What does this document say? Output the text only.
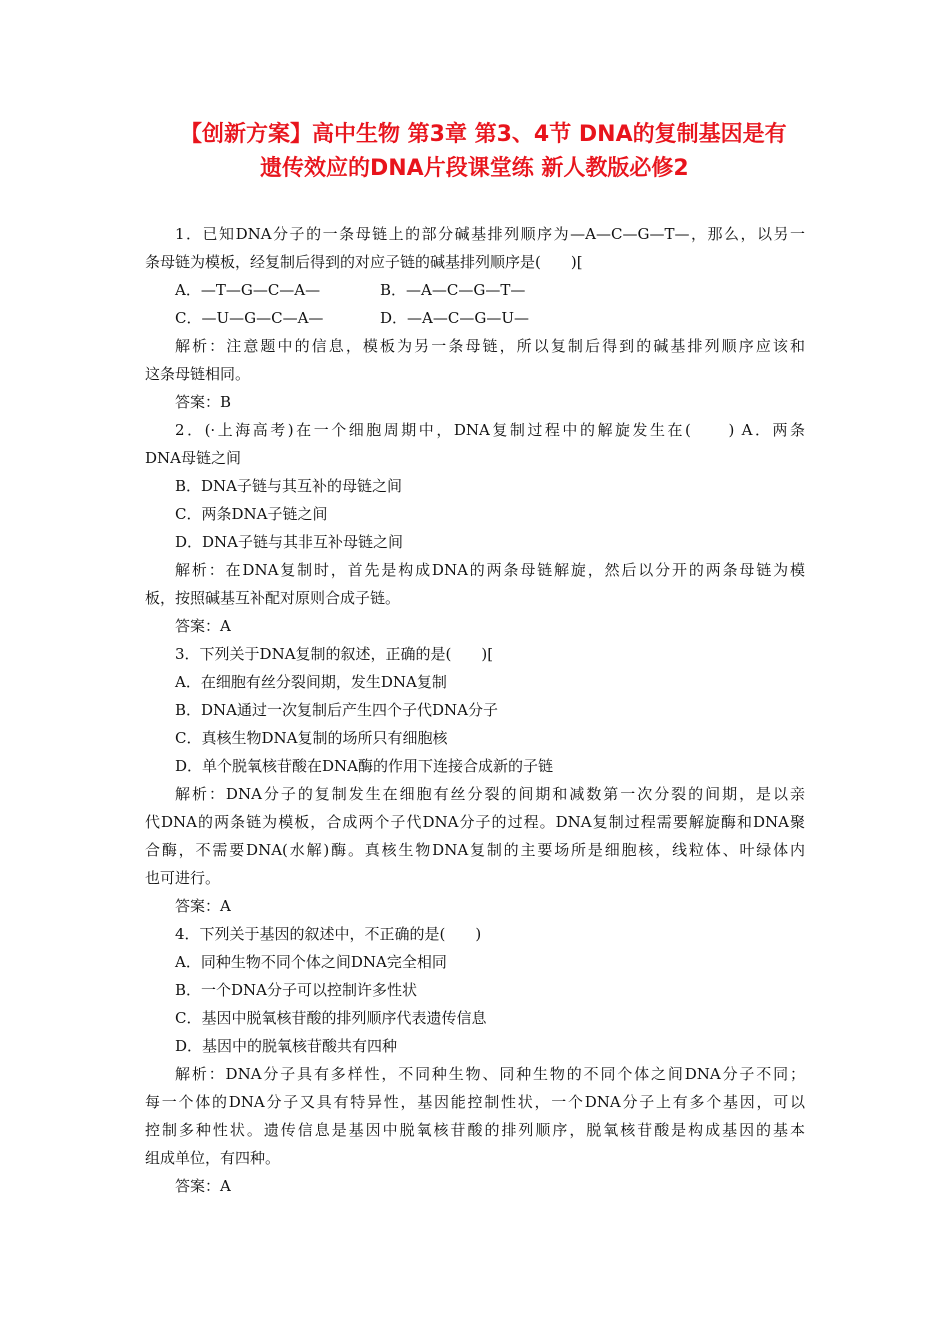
【创新方案】高中生物 第3章 第3、4节 DNA的复制基因是有
遗传效应的DNA片段课堂练 新人教版必修2
1．已知DNA分子的一条母链上的部分碱基排列顺序为—A—C—G—T—，那么，以另一
条母链为模板，经复制后得到的对应子链的碱基排列顺序是(　　)[
A．—T—G—C—A—	B．—A—C—G—T—
C．—U—G—C—A—	D．—A—C—G—U—
解析：注意题中的信息，模板为另一条母链，所以复制后得到的碱基排列顺序应该和
这条母链相同。
答案：B
2．(·上海高考)在一个细胞周期中，DNA复制过程中的解旋发生在(　　) A．两条
DNA母链之间
B．DNA子链与其互补的母链之间
C．两条DNA子链之间
D．DNA子链与其非互补母链之间
解析：在DNA复制时，首先是构成DNA的两条母链解旋，然后以分开的两条母链为模
板，按照碱基互补配对原则合成子链。
答案：A
3．下列关于DNA复制的叙述，正确的是(　　)[
A．在细胞有丝分裂间期，发生DNA复制
B．DNA通过一次复制后产生四个子代DNA分子
C．真核生物DNA复制的场所只有细胞核
D．单个脱氧核苷酸在DNA酶的作用下连接合成新的子链
解析：DNA分子的复制发生在细胞有丝分裂的间期和减数第一次分裂的间期，是以亲
代DNA的两条链为模板，合成两个子代DNA分子的过程。DNA复制过程需要解旋酶和DNA聚
合酶，不需要DNA(水解)酶。真核生物DNA复制的主要场所是细胞核，线粒体、叶绿体内
也可进行。
答案：A
4．下列关于基因的叙述中，不正确的是(　　)
A．同种生物不同个体之间DNA完全相同
B．一个DNA分子可以控制许多性状
C．基因中脱氧核苷酸的排列顺序代表遗传信息
D．基因中的脱氧核苷酸共有四种
解析：DNA分子具有多样性，不同种生物、同种生物的不同个体之间DNA分子不同；
每一个体的DNA分子又具有特异性，基因能控制性状，一个DNA分子上有多个基因，可以
控制多种性状。遗传信息是基因中脱氧核苷酸的排列顺序，脱氧核苷酸是构成基因的基本
组成单位，有四种。
答案：A
